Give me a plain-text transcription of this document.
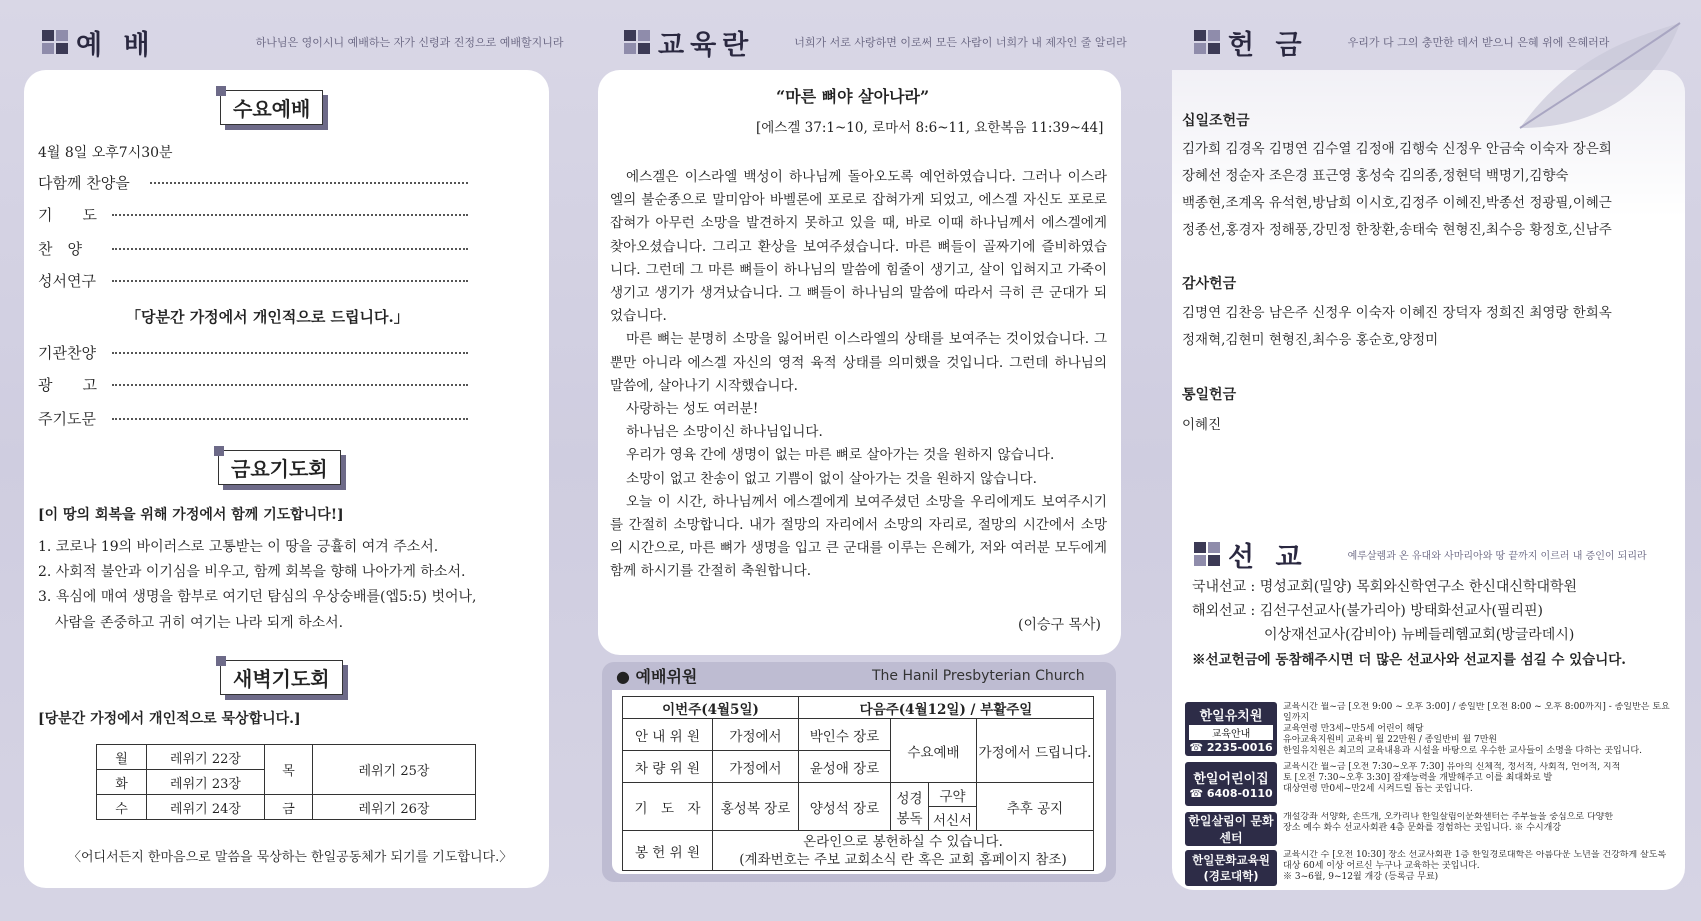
예 배	하나님은 영이시니 예배하는 자가 신령과 진정으로 예배할지니라
수요예배
4월 8일 오후7시30분
다함께 찬양을
기　　도
찬　양
성서연구
「당분간 가정에서 개인적으로 드립니다.」
기관찬양
광　　고
주기도문
금요기도회
[이 땅의 회복을 위해 가정에서 함께 기도합니다!]
1. 코로나 19의 바이러스로 고통받는 이 땅을 긍휼히 여겨 주소서.
2. 사회적 불안과 이기심을 비우고, 함께 회복을 향해 나아가게 하소서.
3. 욕심에 매여 생명을 함부로 여기던 탐심의 우상숭배를(엡5:5) 벗어나,
사람을 존중하고 귀히 여기는 나라 되게 하소서.
새벽기도회
[당분간 가정에서 개인적으로 묵상합니다.]
월	레위기 22장	목	레위기 25장
화	레위기 23장		
수	레위기 24장	금	레위기 26장
〈어디서든지 한마음으로 말씀을 묵상하는 한일공동체가 되기를 기도합니다.〉
교육란	너희가 서로 사랑하면 이로써 모든 사람이 너희가 내 제자인 줄 알리라
“마른 뼈야 살아나라”
[에스겔 37:1~10, 로마서 8:6~11, 요한복음 11:39~44]

에스겔은 이스라엘 백성이 하나님께 돌아오도록 예언하였습니다. 그러나 이스라엘의 불순종으로 말미암아 바벨론에 포로로 잡혀가게 되었고, 에스겔 자신도 포로로 잡혀가 아무런 소망을 발견하지 못하고 있을 때, 바로 이때 하나님께서 에스겔에게 찾아오셨습니다. 그리고 환상을 보여주셨습니다. 마른 뼈들이 골짜기에 즐비하였습니다. 그런데 그 마른 뼈들이 하나님의 말씀에 힘줄이 생기고, 살이 입혀지고 가죽이 생기고 생기가 생겨났습니다. 그 뼈들이 하나님의 말씀에 따라서 극히 큰 군대가 되었습니다.

마른 뼈는 분명히 소망을 잃어버린 이스라엘의 상태를 보여주는 것이었습니다. 그뿐만 아니라 에스겔 자신의 영적 육적 상태를 의미했을 것입니다. 그런데 하나님의 말씀에, 살아나기 시작했습니다.

사랑하는 성도 여러분!

하나님은 소망이신 하나님입니다.

우리가 영육 간에 생명이 없는 마른 뼈로 살아가는 것을 원하지 않습니다.

소망이 없고 찬송이 없고 기쁨이 없이 살아가는 것을 원하지 않습니다.

오늘 이 시간, 하나님께서 에스겔에게 보여주셨던 소망을 우리에게도 보여주시기를 간절히 소망합니다. 내가 절망의 자리에서 소망의 자리로, 절망의 시간에서 소망의 시간으로, 마른 뼈가 생명을 입고 큰 군대를 이루는 은혜가, 저와 여러분 모두에게 함께 하시기를 간절히 축원합니다.

(이승구 목사)
● 예배위원	The Hanil Presbyterian Church
이번주(4월5일)		다음주(4월12일) / 부활주일			
안 내 위 원	가정에서	박인수 장로	수요예배		가정에서 드립니다.
차 량 위 원	가정에서	윤성애 장로			
기　도　자	홍성복 장로	양성석 장로	성경봉독	구약	추후 공지
				서신서	
봉 헌 위 원	온라인으로 봉헌하실 수 있습니다.
(계좌번호는 주보 교회소식 란 혹은 교회 홈페이지 참조)				
헌 금	우리가 다 그의 충만한 데서 받으니 은혜 위에 은혜러라
십일조헌금
김가희 김경옥 김명연 김수열 김정애 김행숙 신정우 안금숙 이숙자 장은희
장혜선 정순자 조은경 표근영 홍성숙 김의종,정현덕 백명기,김향숙
백종현,조계옥 유석현,방남희 이시호,김정주 이혜진,박종선 정광필,이혜근
정종선,홍경자 정해풍,강민정 한창환,송태숙 현형진,최수응 황정호,신남주
감사헌금
김명연 김찬응 남은주 신정우 이숙자 이혜진 장덕자 정희진 최영랑 한희옥
정재혁,김현미 현형진,최수응 홍순호,양정미
통일헌금
이혜진
선 교	예루살렘과 온 유대와 사마리아와 땅 끝까지 이르러 내 증인이 되리라
국내선교 : 명성교회(밀양) 목회와신학연구소 한신대신학대학원
해외선교 : 김선구선교사(불가리아) 방태화선교사(필리핀)
이상재선교사(감비아) 뉴베들레헴교회(방글라데시)
※선교헌금에 동참해주시면 더 많은 선교사와 선교지를 섬길 수 있습니다.
한일유치원
교육안내
☎ 2235-0016
교육시간 월~금 [오전 9:00 ~ 오후 3:00] / 종일반 [오전 8:00 ~ 오후 8:00까지] - 종일반은 토요일까지
교육연령 만3세~만5세 어린이 해당
유아교육지원비 교육비 월 22만원 / 종일반비 월 7만원
한일유치원은 최고의 교육내용과 시설을 바탕으로 우수한 교사들이 소명을 다하는 곳입니다.
한일어린이집
☎ 6408-0110
교육시간 월~금 [오전 7:30~오후 7:30] 유아의 신체적, 정서적, 사회적, 언어적, 지적
토 [오전 7:30~오후 3:30] 잠재능력을 개발해주고 이를 최대화로 발
대상연령 만0세~만2세 시켜드릴 돕는 곳입니다.
한일살림이 문화센터
개설강좌 서양화, 손뜨개, 오카리나 한일살림이문화센터는 주부들을 중심으로 다양한
장소 예수 화수 선교사회관 4층 문화를 경험하는 곳입니다. ※ 수시개강
한일문화교육원 (경로대학)
교육시간 수 [오전 10:30] 장소 선교사회관 1층 한일경로대학은 아름다운 노년을 건강하게 살도록
대상 60세 이상 어르신 누구나 교육하는 곳입니다.
※ 3~6월, 9~12월 개강 (등록금 무료)
